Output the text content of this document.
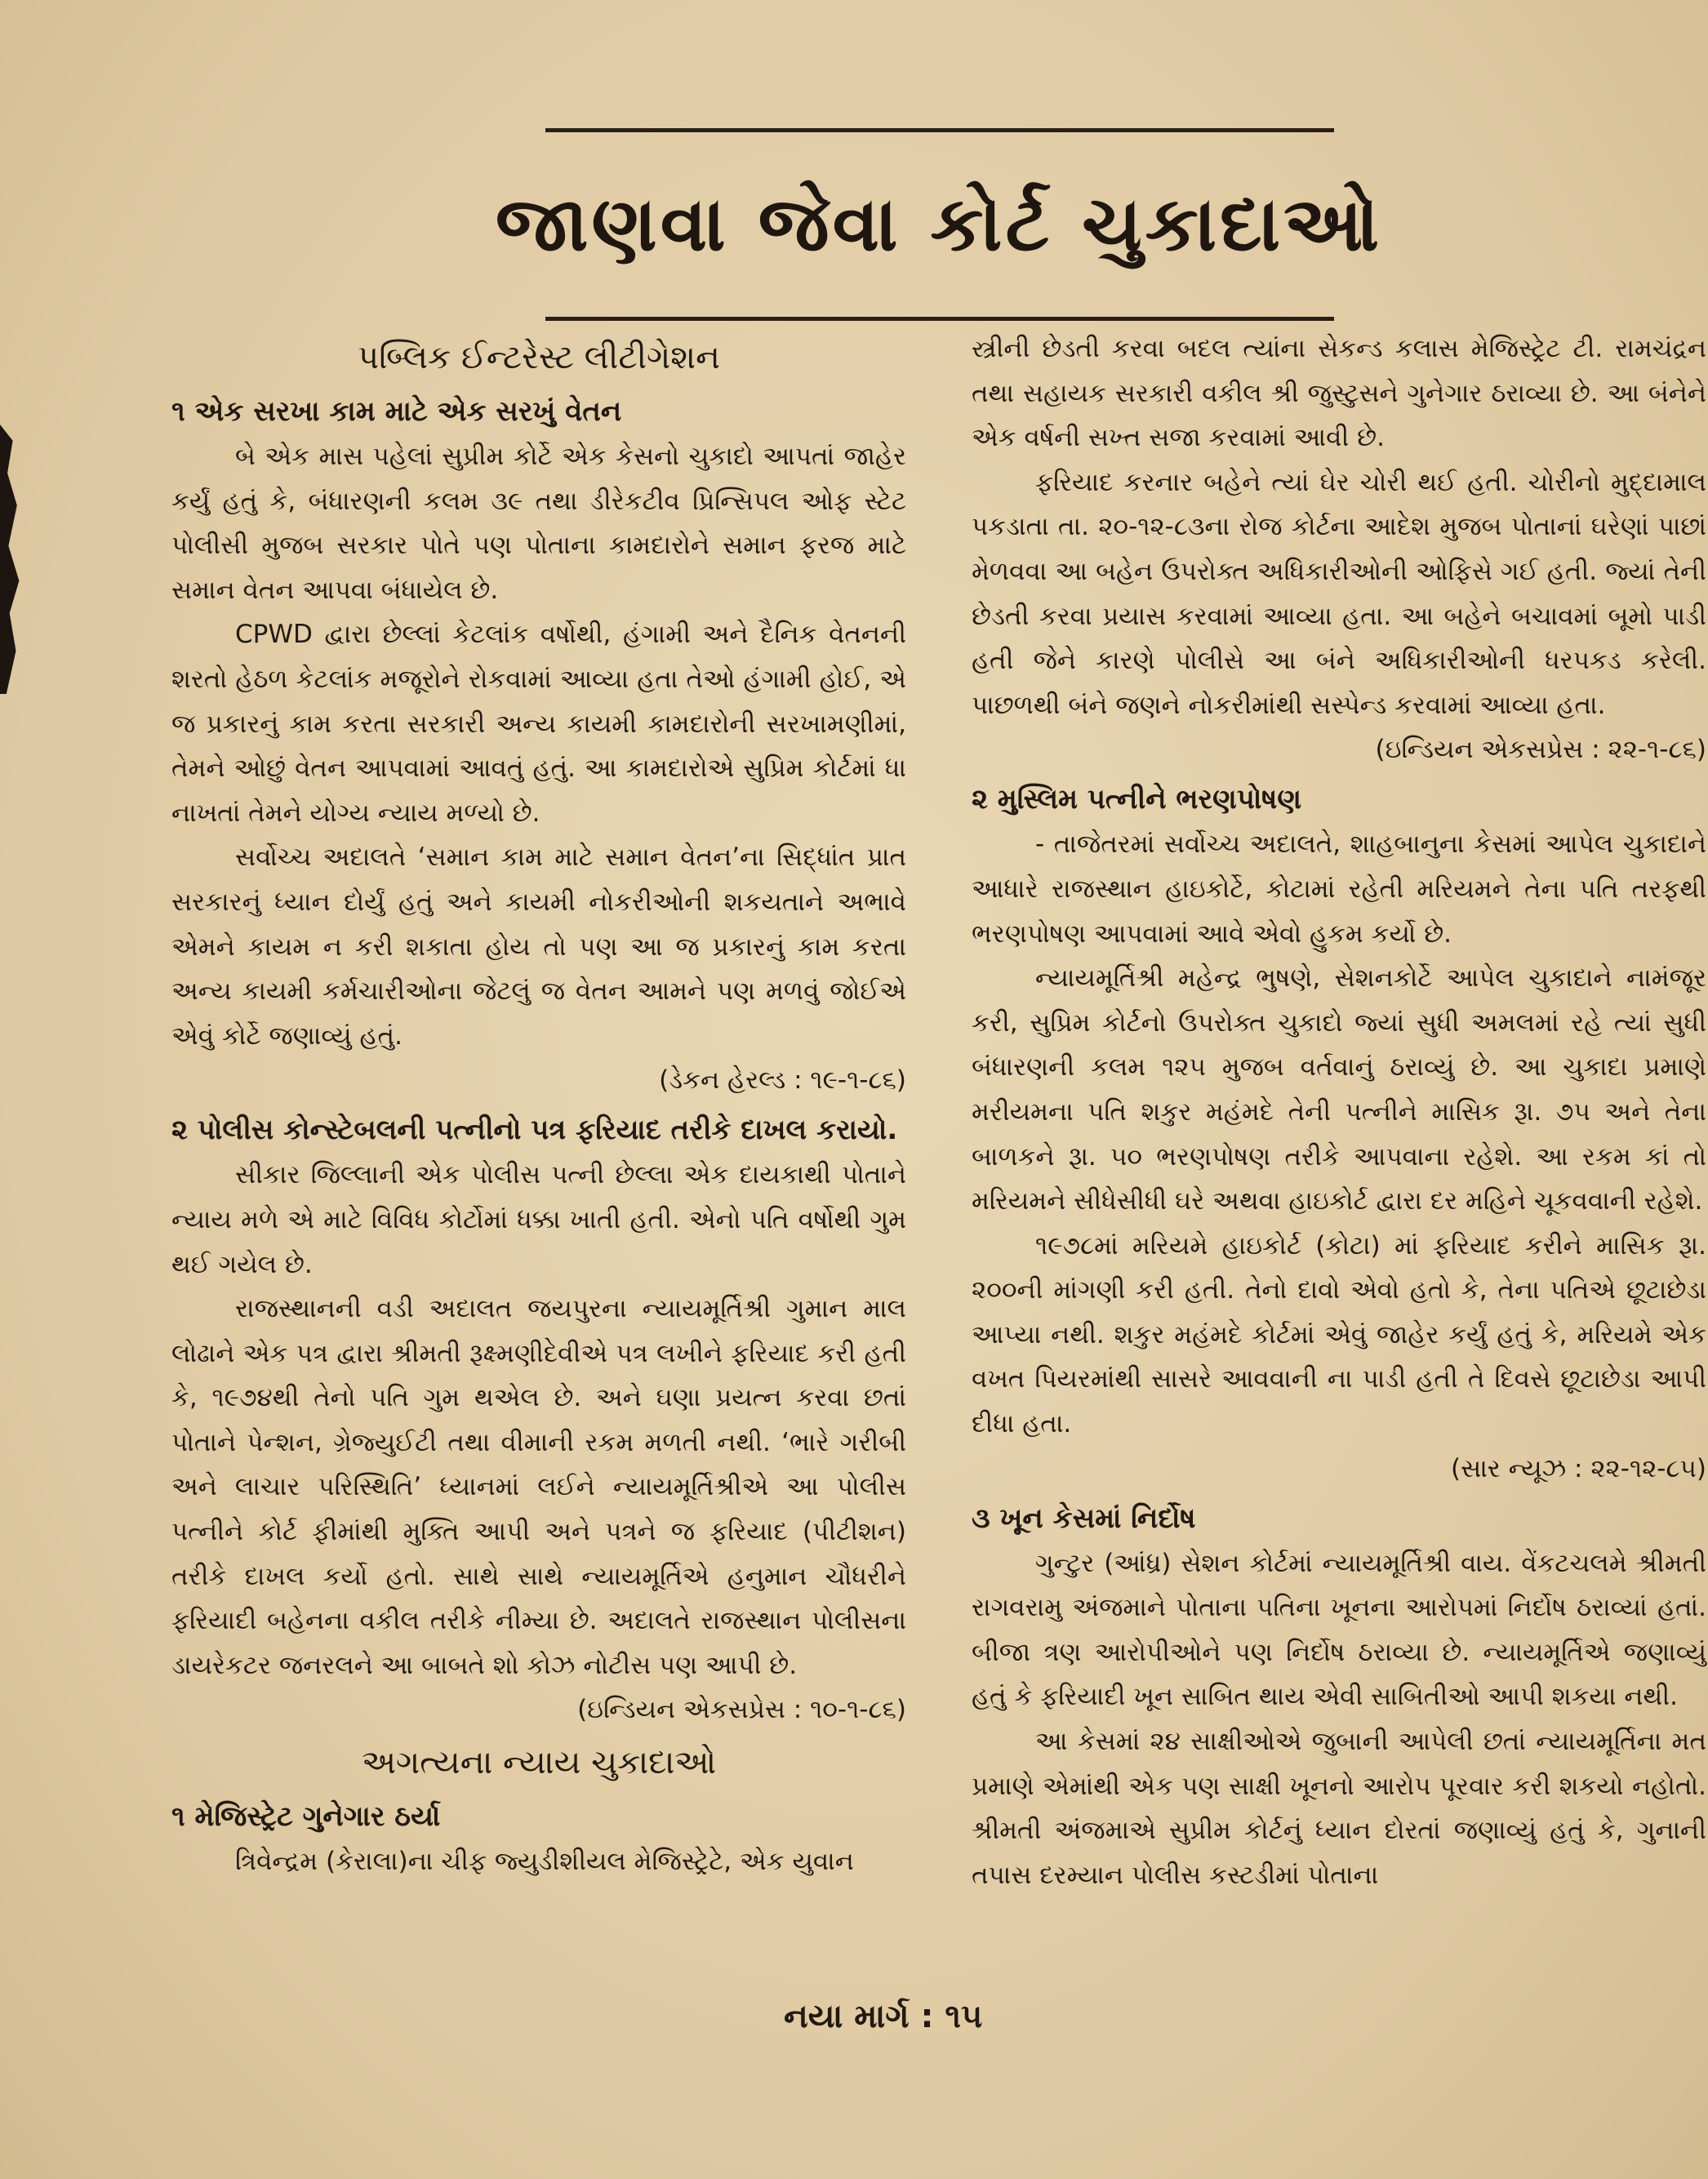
જાણવા જેવા કોર્ટ ચુકાદાઓ
પબ્લિક ઈન્ટરેસ્ટ લીટીગેશન
૧ એક સરખા કામ માટે એક સરખું વેતન

બે એક માસ પહેલાં સુપ્રીમ કોર્ટે એક કેસનો ચુકાદો આપતાં જાહેર કર્યું હતું કે, બંધારણની કલમ ૩૯ તથા ડીરેકટીવ પ્રિન્સિપલ ઓફ સ્ટેટ પોલીસી મુજબ સરકાર પોતે પણ પોતાના કામદારોને સમાન ફરજ માટે સમાન વેતન આપવા બંધાયેલ છે.

CPWD દ્વારા છેલ્લાં કેટલાંક વર્ષોથી, હંગામી અને દૈનિક વેતનની શરતો હેઠળ કેટલાંક મજૂરોને રોકવામાં આવ્યા હતા તેઓ હંગામી હોઈ, એ જ પ્રકારનું કામ કરતા સરકારી અન્ય કાયમી કામદારોની સરખામણીમાં, તેમને ઓછું વેતન આપવામાં આવતું હતું. આ કામદારોએ સુપ્રિમ કોર્ટમાં ધા નાખતાં તેમને યોગ્ય ન્યાય મળ્યો છે.

સર્વોચ્ચ અદાલતે ‘સમાન કામ માટે સમાન વેતન’ના સિદ્ધાંત પ્રાત સરકારનું ધ્યાન દોર્યું હતું અને કાયમી નોકરીઓની શકયતાને અભાવે એમને કાયમ ન કરી શકાતા હોય તો પણ આ જ પ્રકારનું કામ કરતા અન્ય કાયમી કર્મચારીઓના જેટલું જ વેતન આમને પણ મળવું જોઈએ એવું કોર્ટે જણાવ્યું હતું.

(ડેકન હેરલ્ડ : ૧૯-૧-૮૬)
૨ પોલીસ કોન્સ્ટેબલની પત્નીનો પત્ર ફરિયાદ તરીકે દાખલ કરાયો.

સીકાર જિલ્લાની એક પોલીસ પત્ની છેલ્લા એક દાયકાથી પોતાને ન્યાય મળે એ માટે વિવિધ કોર્ટોમાં ધક્કા ખાતી હતી. એનો પતિ વર્ષોથી ગુમ થઈ ગયેલ છે.

રાજસ્થાનની વડી અદાલત જયપુરના ન્યાયમૂર્તિશ્રી ગુમાન માલ લોઢાને એક પત્ર દ્વારા શ્રીમતી રૂક્ષ્મણીદેવીએ પત્ર લખીને ફરિયાદ કરી હતી કે, ૧૯૭૪થી તેનો પતિ ગુમ થએલ છે. અને ઘણા પ્રયત્ન કરવા છતાં પોતાને પેન્શન, ગ્રેજ્યુઈટી તથા વીમાની રકમ મળતી નથી. ‘ભારે ગરીબી અને લાચાર પરિસ્થિતિ’ ધ્યાનમાં લઈને ન્યાયમૂર્તિશ્રીએ આ પોલીસ પત્નીને કોર્ટ ફીમાંથી મુક્તિ આપી અને પત્રને જ ફરિયાદ (પીટીશન) તરીકે દાખલ કર્યો હતો. સાથે સાથે ન્યાયમૂર્તિએ હનુમાન ચૌધરીને ફરિયાદી બહેનના વકીલ તરીકે નીમ્યા છે. અદાલતે રાજસ્થાન પોલીસના ડાયરેકટર જનરલને આ બાબતે શો કોઝ નોટીસ પણ આપી છે.

(ઇન્ડિયન એકસપ્રેસ : ૧૦-૧-૮૬)
અગત્યના ન્યાય ચુકાદાઓ
૧ મેજિસ્ટ્રેટ ગુનેગાર ઠર્યા

ત્રિવેન્દ્રમ (કેરાલા)ના ચીફ જ્યુડીશીયલ મેજિસ્ટ્રેટે, એક યુવાન

સ્ત્રીની છેડતી કરવા બદલ ત્યાંના સેકન્ડ કલાસ મેજિસ્ટ્રેટ ટી. રામચંદ્રન તથા સહાયક સરકારી વકીલ શ્રી જુસ્ટુસને ગુનેગાર ઠરાવ્યા છે. આ બંનેને એક વર્ષની સખ્ત સજા કરવામાં આવી છે.

ફરિયાદ કરનાર બહેને ત્યાં ઘેર ચોરી થઈ હતી. ચોરીનો મુદ્દામાલ પકડાતા તા. ૨૦-૧૨-૮૩ના રોજ કોર્ટના આદેશ મુજબ પોતાનાં ઘરેણાં પાછાં મેળવવા આ બહેન ઉપરોક્ત અધિકારીઓની ઓફિસે ગઈ હતી. જ્યાં તેની છેડતી કરવા પ્રયાસ કરવામાં આવ્યા હતા. આ બહેને બચાવમાં બૂમો પાડી હતી જેને કારણે પોલીસે આ બંને અધિકારીઓની ધરપકડ કરેલી. પાછળથી બંને જણને નોકરીમાંથી સસ્પેન્ડ કરવામાં આવ્યા હતા.

(ઇન્ડિયન એકસપ્રેસ : ૨૨-૧-૮૬)
૨ મુસ્લિમ પત્નીને ભરણપોષણ

- તાજેતરમાં સર્વોચ્ચ અદાલતે, શાહબાનુના કેસમાં આપેલ ચુકાદાને આધારે રાજસ્થાન હાઇકોર્ટે, કોટામાં રહેતી મરિયમને તેના પતિ તરફથી ભરણપોષણ આપવામાં આવે એવો હુકમ કર્યો છે.

ન્યાયમૂર્તિશ્રી મહેન્દ્ર ભુષણે, સેશનકોર્ટે આપેલ ચુકાદાને નામંજૂર કરી, સુપ્રિમ કોર્ટનો ઉપરોક્ત ચુકાદો જ્યાં સુધી અમલમાં રહે ત્યાં સુધી બંધારણની કલમ ૧૨૫ મુજબ વર્તવાનું ઠરાવ્યું છે. આ ચુકાદા પ્રમાણે મરીયમના પતિ શકુર મહંમદે તેની પત્નીને માસિક રૂા. ૭૫ અને તેના બાળકને રૂા. ૫૦ ભરણપોષણ તરીકે આપવાના રહેશે. આ રકમ કાં તો મરિયમને સીધેસીધી ઘરે અથવા હાઇકોર્ટ દ્વારા દર મહિને ચૂકવવાની રહેશે.

૧૯૭૮માં મરિયમે હાઇકોર્ટ (કોટા) માં ફરિયાદ કરીને માસિક રૂા. ૨૦૦ની માંગણી કરી હતી. તેનો દાવો એવો હતો કે, તેના પતિએ છૂટાછેડા આપ્યા નથી. શકુર મહંમદે કોર્ટમાં એવું જાહેર કર્યું હતું કે, મરિયમે એક વખત પિયરમાંથી સાસરે આવવાની ના પાડી હતી તે દિવસે છૂટાછેડા આપી દીધા હતા.

(સાર ન્યૂઝ : ૨૨-૧૨-૮૫)
૩ ખૂન કેસમાં નિર્દોષ

ગુન્ટુર (આંધ્ર) સેશન કોર્ટમાં ન્યાયમૂર્તિશ્રી વાય. વેંકટચલમે શ્રીમતી રાગવરામુ અંજમાને પોતાના પતિના ખૂનના આરોપમાં નિર્દોષ ઠરાવ્યાં હતાં. બીજા ત્રણ આરોપીઓને પણ નિર્દોષ ઠરાવ્યા છે. ન્યાયમૂર્તિએ જણાવ્યું હતું કે ફરિયાદી ખૂન સાબિત થાય એવી સાબિતીઓ આપી શકયા નથી.

આ કેસમાં ૨૪ સાક્ષીઓએ જુબાની આપેલી છતાં ન્યાયમૂર્તિના મત પ્રમાણે એમાંથી એક પણ સાક્ષી ખૂનનો આરોપ પૂરવાર કરી શકયો નહોતો. શ્રીમતી અંજમાએ સુપ્રીમ કોર્ટનું ધ્યાન દોરતાં જણાવ્યું હતું કે, ગુનાની તપાસ દરમ્યાન પોલીસ કસ્ટડીમાં પોતાના

નયા માર્ગ : ૧૫
